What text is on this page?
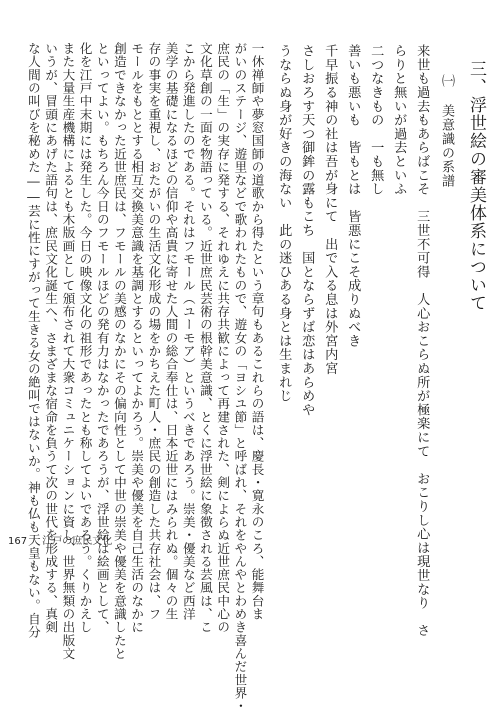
三、浮世絵の審美体系について
㈠ 美意識の系譜
来世も過去もあらばこそ　三世不可得　人心おこらぬ所が極楽にて　おこりし心は現世なり　さ
らりと無いが過去といふ
二つなきもの　一も無し
善いも悪いも　皆もとは　皆悪にこそ成りぬべき
千早振る神の社は吾が身にて　出で入る息は外宮内宮
さしおろす天つ御鉾の露もこち　国とならずば恋はあらめや
うならぬ身が好きの海ない　此の迷ひある身とは生まれじ
一休禅師や夢窓国師の道歌から得たという章句もあるこれらの語は、慶長・寛永のころ、能舞台ま
がいのステージ、遊里などで歌われたもので、遊女の「ヨシユ節」と呼ばれ、それをやんやとわめき喜んだ世界・
庶民の「生」の実存に発する、それゆえに共存共歓によって再建された、剣によらぬ近世庶民中心の
文化草創の一面を物語っている。近世庶民芸術の根幹美意識、とくに浮世絵に象徴される芸風は、こ
こから発進したのである。それはフモール（ユーモア）というべきであろう。崇美・優美など西洋
美学の基礎になるほどの信仰や高貴に寄せた人間の総合奉仕は、日本近世にはみられぬ。個々の生
存の事実を重視し、おたがいの生活文化形成の場をかちえた町人・庶民の創造した共存社会は、フ
モールをもととする相互交換美意識を基調とするといってよかろう。崇美や優美を自己生活のなかに
創造できなかった近世庶民は、フモールの美感のなかにその偏向性として中世の崇美や優美を意識したと
といってよい。もちろん今日のフモールほどの発有力はなかったであろうが、浮世絵は絵画として、
化を江戸中末期には発生した。今日の映像文化の祖形であったとも称してよいであろう。くりかえし
また大量生産機構によるとも木版画として頒布されて大衆コミュニケーションに資し、世界無類の出版文
いうが、冒頭にあげた語句は、庶民文化誕生へ、さまざまな宿命を負うて次の世代を形成する、真剣
な人間の叫びを秘めた――芸に性にすがって生きる女の絶叫ではないか。神も仏も天皇もない。自分
167 江戸の庶民文化
